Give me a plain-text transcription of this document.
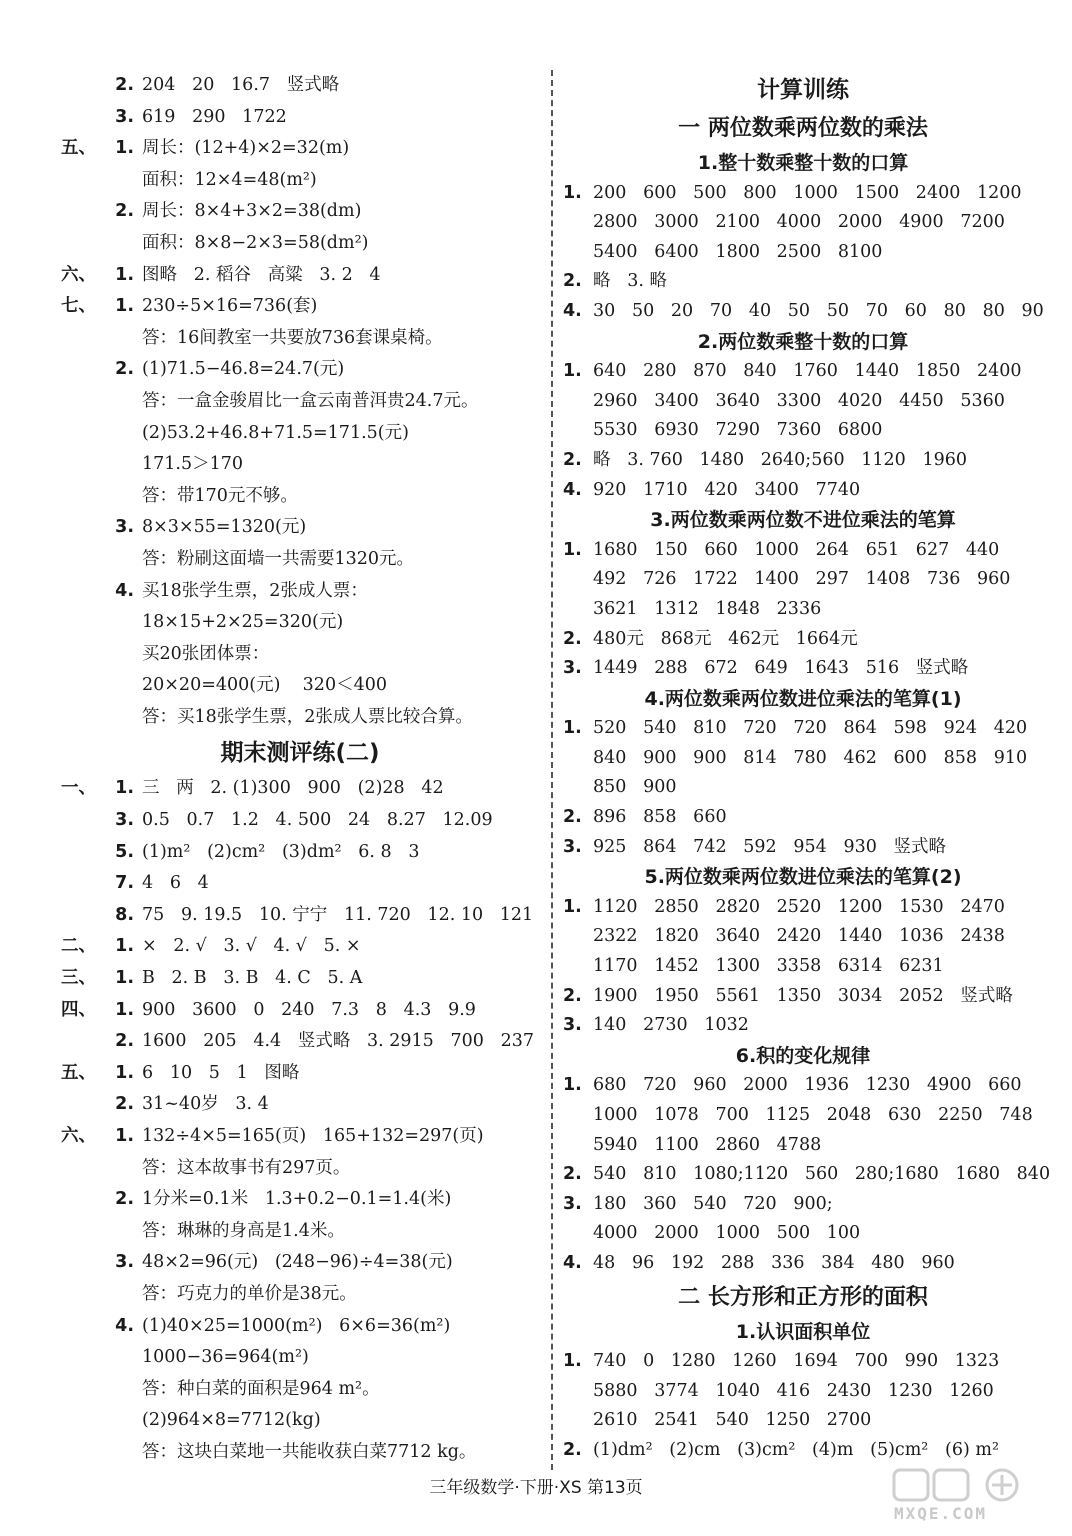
2. 204   20   16.7   竖式略
3. 619   290   1722
五、 1. 周长：(12+4)×2=32(m)
面积：12×4=48(m²)
2. 周长：8×4+3×2=38(dm)
面积：8×8−2×3=58(dm²)
六、 1. 图略   2. 稻谷   高粱   3. 2   4
七、 1. 230÷5×16=736(套)
答：16间教室一共要放736套课桌椅。
2. (1)71.5−46.8=24.7(元)
答：一盒金骏眉比一盒云南普洱贵24.7元。
(2)53.2+46.8+71.5=171.5(元)
171.5＞170
答：带170元不够。
3. 8×3×55=1320(元)
答：粉刷这面墙一共需要1320元。
4. 买18张学生票，2张成人票：
18×15+2×25=320(元)
买20张团体票：
20×20=400(元)    320＜400
答：买18张学生票，2张成人票比较合算。
期末测评练(二)
一、 1. 三   两   2. (1)300   900   (2)28   42
3. 0.5   0.7   1.2   4. 500   24   8.27   12.09
5. (1)m²   (2)cm²   (3)dm²   6. 8   3
7. 4   6   4
8. 75   9. 19.5   10. 宁宁   11. 720   12. 10   121
二、 1. ×   2. √   3. √   4. √   5. ×
三、 1. B   2. B   3. B   4. C   5. A
四、 1. 900   3600   0   240   7.3   8   4.3   9.9
2. 1600   205   4.4   竖式略   3. 2915   700   237
五、 1. 6   10   5   1   图略
2. 31~40岁   3. 4
六、 1. 132÷4×5=165(页)   165+132=297(页)
答：这本故事书有297页。
2. 1分米=0.1米   1.3+0.2−0.1=1.4(米)
答：琳琳的身高是1.4米。
3. 48×2=96(元)   (248−96)÷4=38(元)
答：巧克力的单价是38元。
4. (1)40×25=1000(m²)   6×6=36(m²)
1000−36=964(m²)
答：种白菜的面积是964 m²。
(2)964×8=7712(kg)
答：这块白菜地一共能收获白菜7712 kg。
计算训练
一 两位数乘两位数的乘法
1.整十数乘整十数的口算
1. 200   600   500   800   1000   1500   2400   1200
2800   3000   2100   4000   2000   4900   7200
5400   6400   1800   2500   8100
2. 略   3. 略
4. 30   50   20   70   40   50   50   70   60   80   80   90
2.两位数乘整十数的口算
1. 640   280   870   840   1760   1440   1850   2400
2960   3400   3640   3300   4020   4450   5360
5530   6930   7290   7360   6800
2. 略   3. 760   1480   2640;560   1120   1960
4. 920   1710   420   3400   7740
3.两位数乘两位数不进位乘法的笔算
1. 1680   150   660   1000   264   651   627   440
492   726   1722   1400   297   1408   736   960
3621   1312   1848   2336
2. 480元   868元   462元   1664元
3. 1449   288   672   649   1643   516   竖式略
4.两位数乘两位数进位乘法的笔算(1)
1. 520   540   810   720   720   864   598   924   420
840   900   900   814   780   462   600   858   910
850   900
2. 896   858   660
3. 925   864   742   592   954   930   竖式略
5.两位数乘两位数进位乘法的笔算(2)
1. 1120   2850   2820   2520   1200   1530   2470
2322   1820   3640   2420   1440   1036   2438
1170   1452   1300   3358   6314   6231
2. 1900   1950   5561   1350   3034   2052   竖式略
3. 140   2730   1032
6.积的变化规律
1. 680   720   960   2000   1936   1230   4900   660
1000   1078   700   1125   2048   630   2250   748
5940   1100   2860   4788
2. 540   810   1080;1120   560   280;1680   1680   840
3. 180   360   540   720   900;
4000   2000   1000   500   100
4. 48   96   192   288   336   384   480   960
二 长方形和正方形的面积
1.认识面积单位
1. 740   0   1280   1260   1694   700   990   1323
5880   3774   1040   416   2430   1230   1260
2610   2541   540   1250   2700
2. (1)dm²   (2)cm   (3)cm²   (4)m   (5)cm²   (6) m²
三年级数学·下册·XS 第13页
MXQE.COM
